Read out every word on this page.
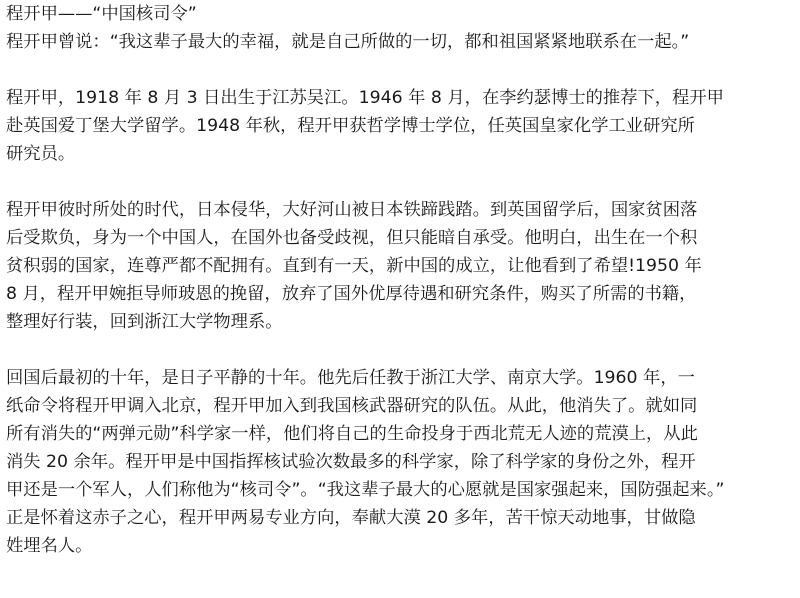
程开甲——“中国核司令”
程开甲曾说：“我这辈子最大的幸福，就是自己所做的一切，都和祖国紧紧地联系在一起。”
程开甲，1918 年 8 月 3 日出生于江苏吴江。1946 年 8 月，在李约瑟博士的推荐下，程开甲
赴英国爱丁堡大学留学。1948 年秋，程开甲获哲学博士学位，任英国皇家化学工业研究所
研究员。
程开甲彼时所处的时代，日本侵华，大好河山被日本铁蹄践踏。到英国留学后，国家贫困落
后受欺负，身为一个中国人，在国外也备受歧视，但只能暗自承受。他明白，出生在一个积
贫积弱的国家，连尊严都不配拥有。直到有一天，新中国的成立，让他看到了希望!1950 年
8 月，程开甲婉拒导师玻恩的挽留，放弃了国外优厚待遇和研究条件，购买了所需的书籍，
整理好行装，回到浙江大学物理系。
回国后最初的十年，是日子平静的十年。他先后任教于浙江大学、南京大学。1960 年，一
纸命令将程开甲调入北京，程开甲加入到我国核武器研究的队伍。从此，他消失了。就如同
所有消失的“两弹元勋”科学家一样，他们将自己的生命投身于西北荒无人迹的荒漠上，从此
消失 20 余年。程开甲是中国指挥核试验次数最多的科学家，除了科学家的身份之外，程开
甲还是一个军人，人们称他为“核司令”。“我这辈子最大的心愿就是国家强起来，国防强起来。”
正是怀着这赤子之心，程开甲两易专业方向，奉献大漠 20 多年，苦干惊天动地事，甘做隐
姓埋名人。
